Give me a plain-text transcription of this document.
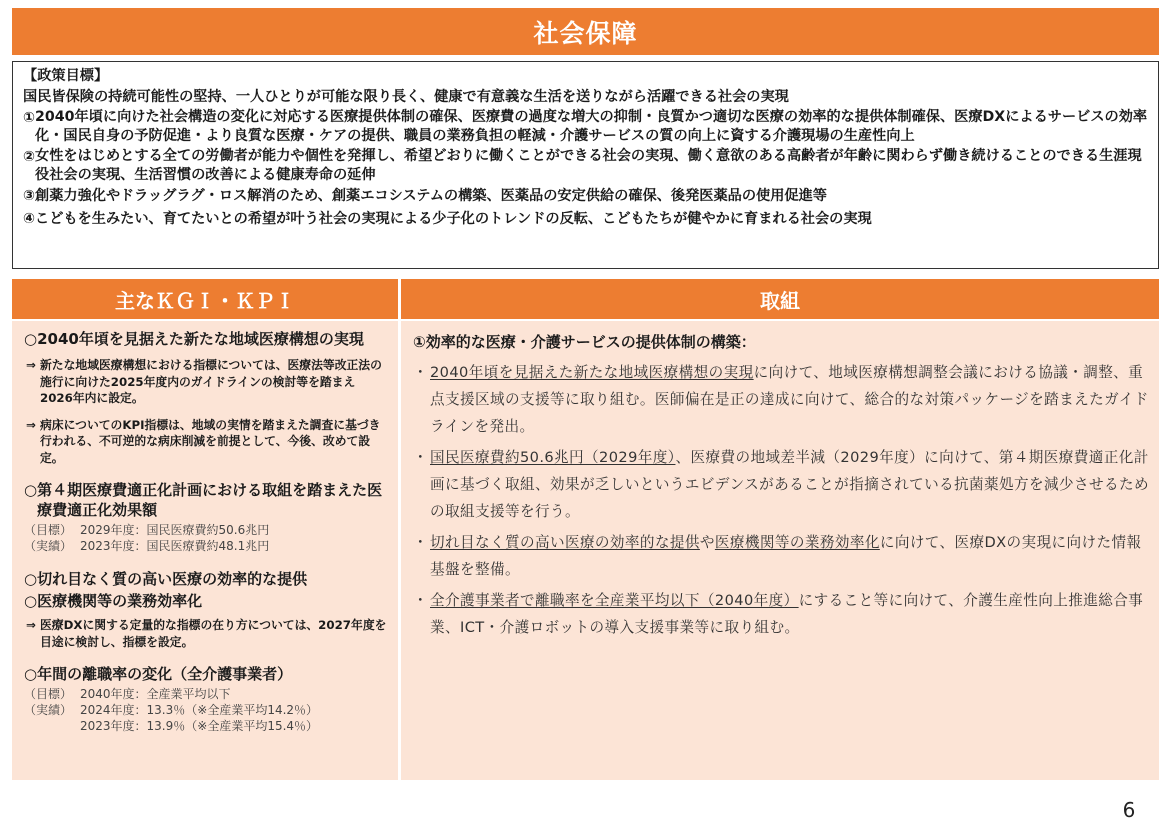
社会保障
【政策目標】
国民皆保険の持続可能性の堅持、一人ひとりが可能な限り長く、健康で有意義な生活を送りながら活躍できる社会の実現
① 2040年頃に向けた社会構造の変化に対応する医療提供体制の確保、医療費の過度な増大の抑制・良質かつ適切な医療の効率的な提供体制確保、医療DXによるサービスの効率化・国民自身の予防促進・より良質な医療・ケアの提供、職員の業務負担の軽減・介護サービスの質の向上に資する介護現場の生産性向上
② 女性をはじめとする全ての労働者が能力や個性を発揮し、希望どおりに働くことができる社会の実現、働く意欲のある高齢者が年齢に関わらず働き続けることのできる生涯現役社会の実現、生活習慣の改善による健康寿命の延伸
③ 創薬力強化やドラッグラグ・ロス解消のため、創薬エコシステムの構築、医薬品の安定供給の確保、後発医薬品の使用促進等
④ こどもを生みたい、育てたいとの希望が叶う社会の実現による少子化のトレンドの反転、こどもたちが健やかに育まれる社会の実現
主なＫＧＩ・ＫＰＩ	取組
○ 2040年頃を見据えた新たな地域医療構想の実現
⇒ 新たな地域医療構想における指標については、医療法等改正法の施行に向けた2025年度内のガイドラインの検討等を踏まえ2026年内に設定。
⇒ 病床についてのKPI指標は、地域の実情を踏まえた調査に基づき行われる、不可逆的な病床削減を前提として、今後、改めて設定。
○ 第４期医療費適正化計画における取組を踏まえた医療費適正化効果額
（目標） 2029年度：国民医療費約50.6兆円
（実績） 2023年度：国民医療費約48.1兆円
○ 切れ目なく質の高い医療の効率的な提供
○ 医療機関等の業務効率化
⇒ 医療DXに関する定量的な指標の在り方については、2027年度を目途に検討し、指標を設定。
○ 年間の離職率の変化（全介護事業者）
（目標） 2040年度：全産業平均以下
（実績） 2024年度：13.3％（※全産業平均14.2％）
2023年度：13.9％（※全産業平均15.4％）
①効率的な医療・介護サービスの提供体制の構築：
・ 2040年頃を見据えた新たな地域医療構想の実現に向けて、地域医療構想調整会議における協議・調整、重点支援区域の支援等に取り組む。医師偏在是正の達成に向けて、総合的な対策パッケージを踏まえたガイドラインを発出。
・ 国民医療費約50.6兆円（2029年度）、医療費の地域差半減（2029年度）に向けて、第４期医療費適正化計画に基づく取組、効果が乏しいというエビデンスがあることが指摘されている抗菌薬処方を減少させるための取組支援等を行う。
・ 切れ目なく質の高い医療の効率的な提供や医療機関等の業務効率化に向けて、医療DXの実現に向けた情報基盤を整備。
・ 全介護事業者で離職率を全産業平均以下（2040年度）にすること等に向けて、介護生産性向上推進総合事業、ICT・介護ロボットの導入支援事業等に取り組む。
6
